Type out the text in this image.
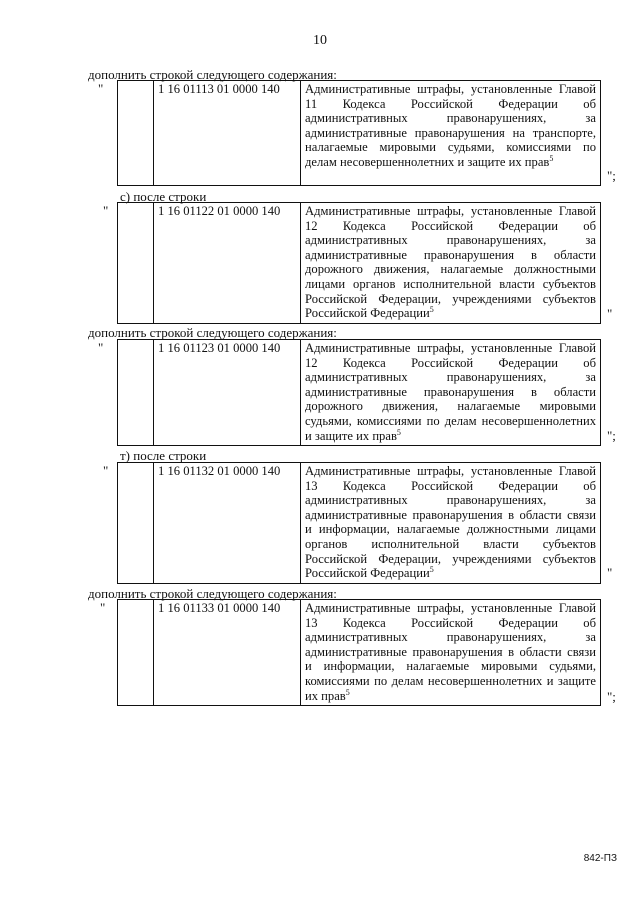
10
дополнить строкой следующего содержания:
"
		1 16 01113 01 0000 140	Административные штрафы, установленные Главой 11 Кодекса Российской Федерации об административных правонарушениях, за административные правонарушения на транспорте, налагаемые мировыми судьями, комиссиями по делам несовершеннолетних и защите их прав$^5$
";
с) после строки
"
		1 16 01122 01 0000 140	Административные штрафы, установленные Главой 12 Кодекса Российской Федерации об административных правонарушениях, за административные правонарушения в области дорожного движения, налагаемые должностными лицами органов исполнительной власти субъектов Российской Федерации, учреждениями субъектов Российской Федерации$^5$	"
дополнить строкой следующего содержания:
"
		1 16 01123 01 0000 140	Административные штрафы, установленные Главой 12 Кодекса Российской Федерации об административных правонарушениях, за административные правонарушения в области дорожного движения, налагаемые мировыми судьями, комиссиями по делам несовершеннолетних и защите их прав$^5$	";
т) после строки
"
		1 16 01132 01 0000 140	Административные штрафы, установленные Главой 13 Кодекса Российской Федерации об административных правонарушениях, за административные правонарушения в области связи и информации, налагаемые должностными лицами органов исполнительной власти субъектов Российской Федерации, учреждениями субъектов Российской Федерации$^5$	"
дополнить строкой следующего содержания:
"
		1 16 01133 01 0000 140	Административные штрафы, установленные Главой 13 Кодекса Российской Федерации об административных правонарушениях, за административные правонарушения в области связи и информации, налагаемые мировыми судьями, комиссиями по делам несовершеннолетних и защите их прав$^5$	";
842-ПЗ
